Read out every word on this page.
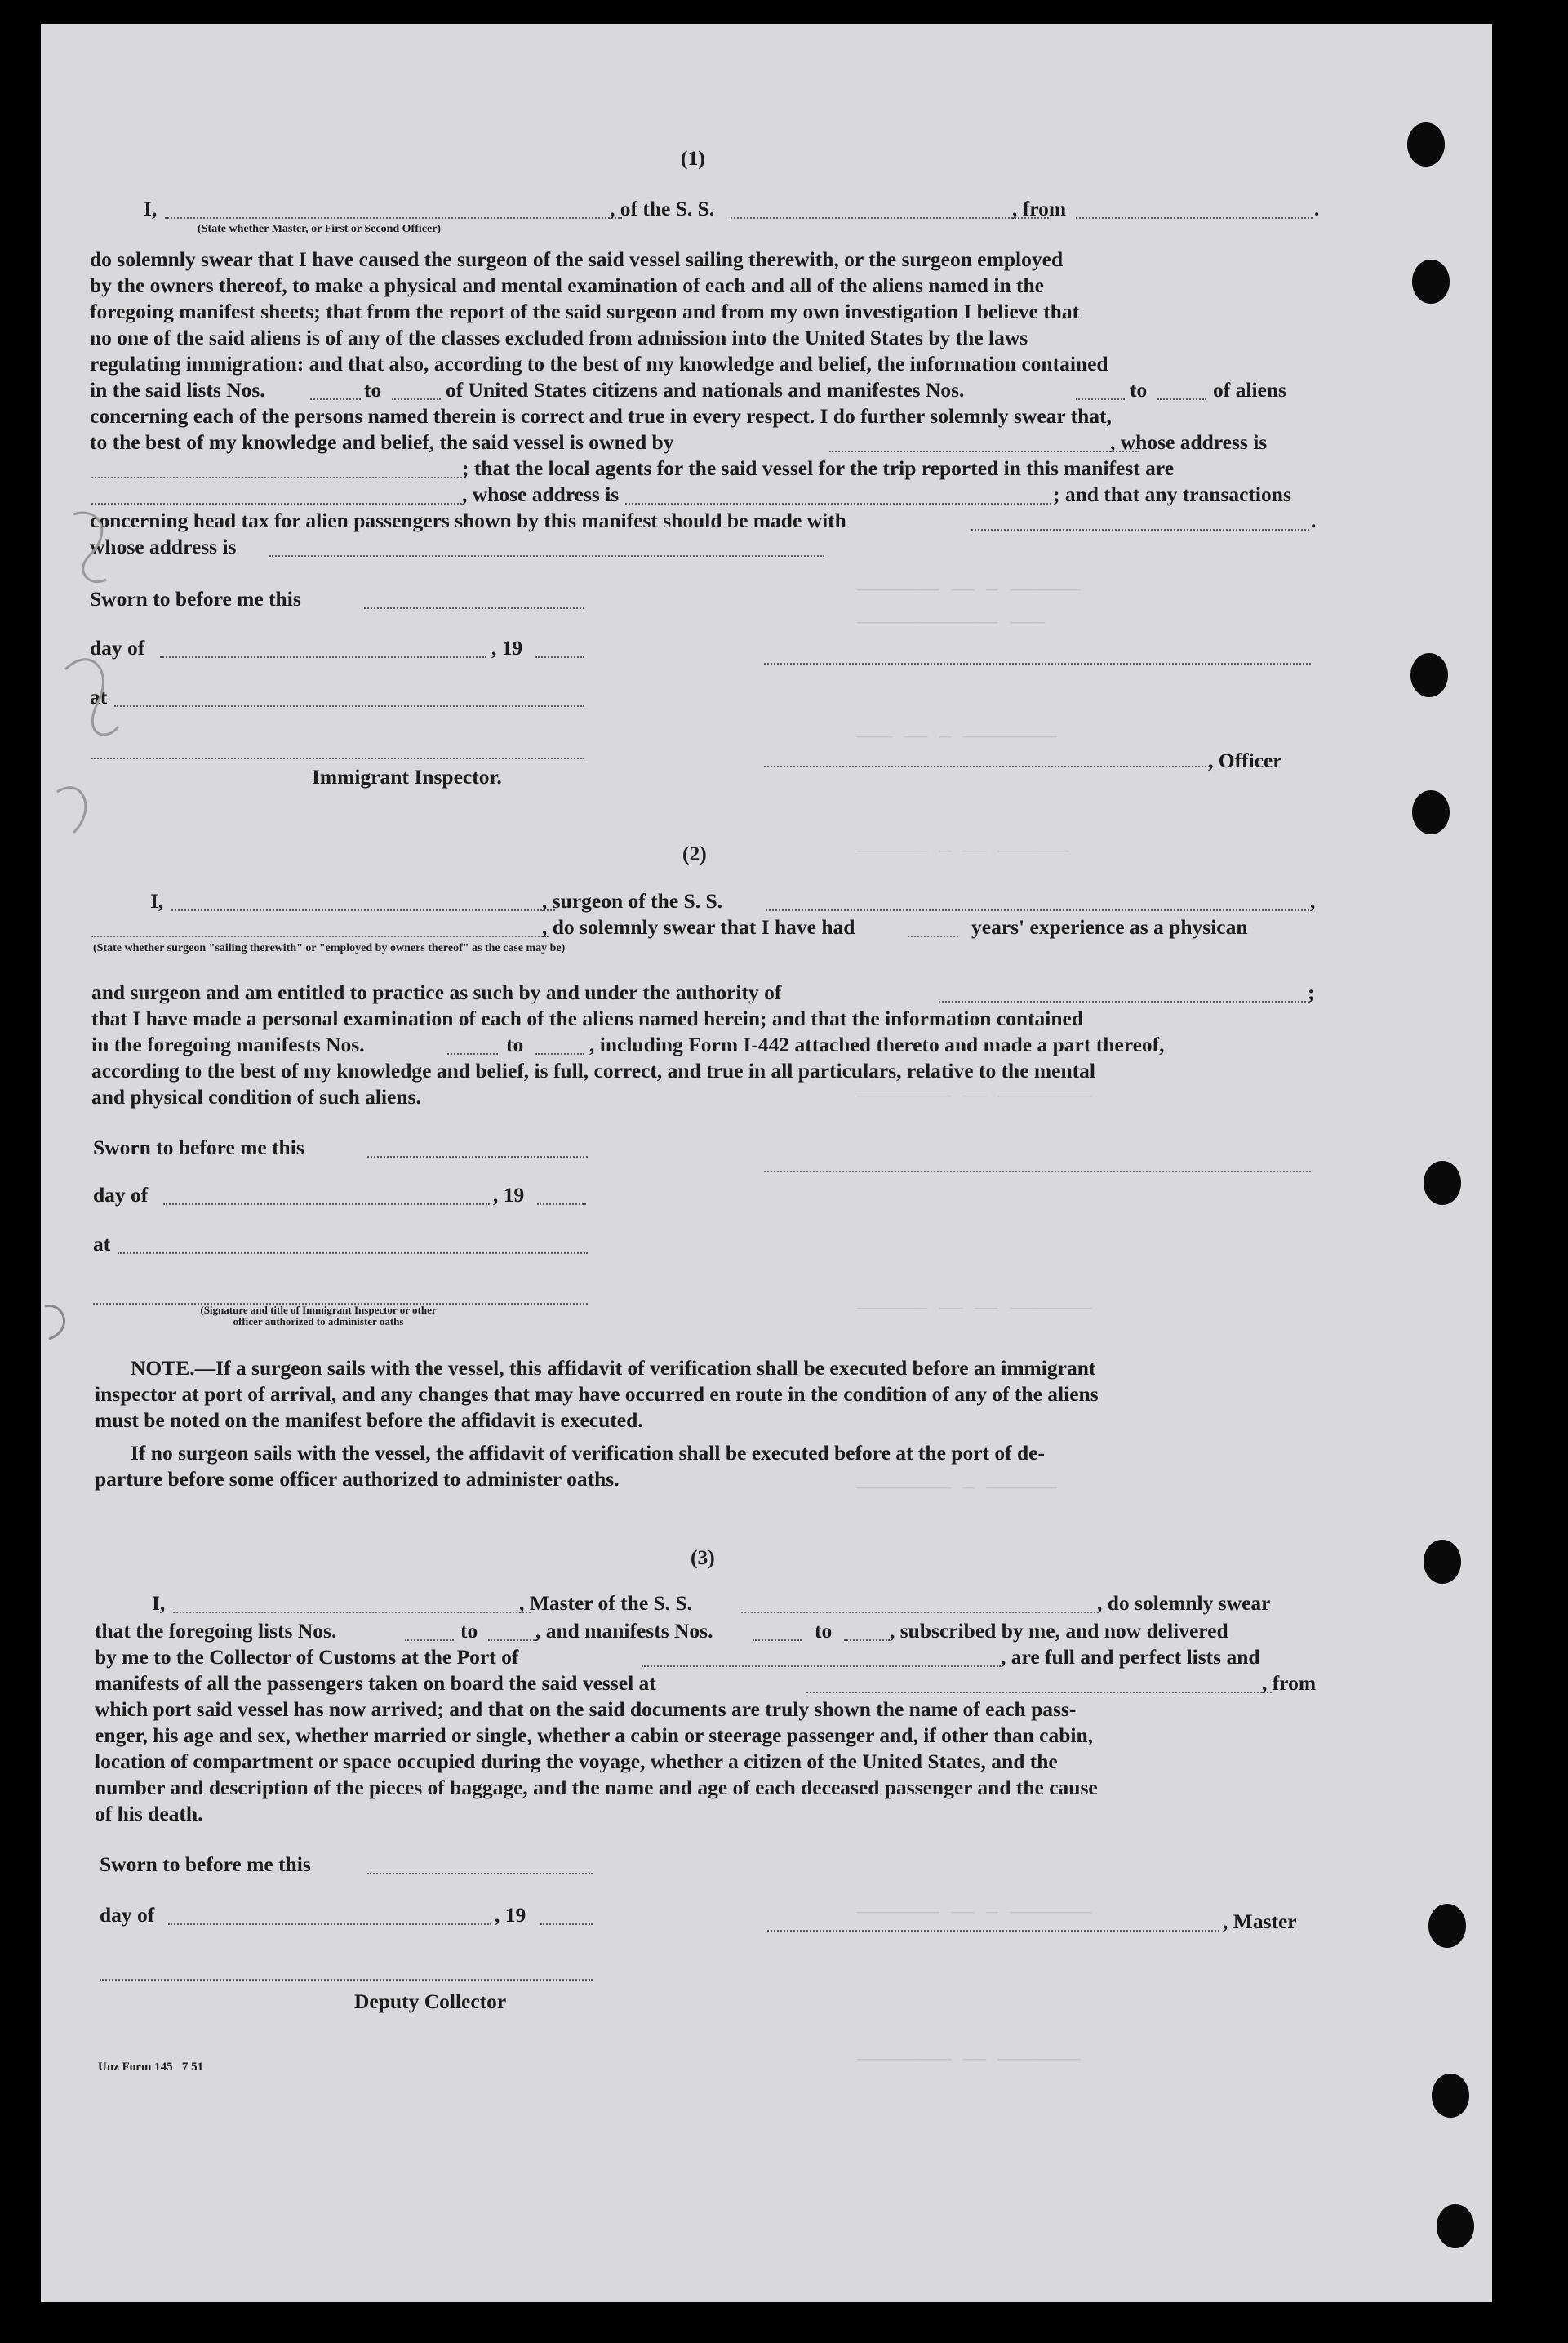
——————— —— — ——————
———————————— ———
——— —— — ————————
—————— — —— ——————
———————— —— ————————
—————— —— —— ———————
———————— — ——————
——————— —— — ———————
———————— —— ———————
(1)
I,	, of the S. S.	, from	.
(State whether Master, or First or Second Officer)
do solemnly swear that I have caused the surgeon of the said vessel sailing therewith, or the surgeon employed
by the owners thereof, to make a physical and mental examination of each and all of the aliens named in the
foregoing manifest sheets; that from the report of the said surgeon and from my own investigation I believe that
no one of the said aliens is of any of the classes excluded from admission into the United States by the laws
regulating immigration: and that also, according to the best of my knowledge and belief, the information contained
in the said lists Nos.	to	of United States citizens and nationals and manifestes Nos.	to	of aliens
concerning each of the persons named therein is correct and true in every respect. I do further solemnly swear that,
to the best of my knowledge and belief, the said vessel is owned by	, whose address is
; that the local agents for the said vessel for the trip reported in this manifest are
, whose address is	; and that any transactions
concerning head tax for alien passengers shown by this manifest should be made with	.
whose address is
Sworn to before me this
day of	, 19
at
, Officer
Immigrant Inspector.
(2)
I,	, surgeon of the S. S.	,
, do solemnly swear that I have had	years' experience as a physican
(State whether surgeon "sailing therewith" or "employed by owners thereof" as the case may be)
and surgeon and am entitled to practice as such by and under the authority of	;
that I have made a personal examination of each of the aliens named herein; and that the information contained
in the foregoing manifests Nos.	to	, including Form I-442 attached thereto and made a part thereof,
according to the best of my knowledge and belief, is full, correct, and true in all particulars, relative to the mental
and physical condition of such aliens.
Sworn to before me this
day of	, 19
at
(Signature and title of Immigrant Inspector or other
officer authorized to administer oaths
NOTE.—If a surgeon sails with the vessel, this affidavit of verification shall be executed before an immigrant
inspector at port of arrival, and any changes that may have occurred en route in the condition of any of the aliens
must be noted on the manifest before the affidavit is executed.
If no surgeon sails with the vessel, the affidavit of verification shall be executed before at the port of de-
parture before some officer authorized to administer oaths.
(3)
I,	, Master of the S. S.	, do solemnly swear
that the foregoing lists Nos.	to	, and manifests Nos.	to	, subscribed by me, and now delivered
by me to the Collector of Customs at the Port of	, are full and perfect lists and
manifests of all the passengers taken on board the said vessel at	, from
which port said vessel has now arrived; and that on the said documents are truly shown the name of each pass-
enger, his age and sex, whether married or single, whether a cabin or steerage passenger and, if other than cabin,
location of compartment or space occupied during the voyage, whether a citizen of the United States, and the
number and description of the pieces of baggage, and the name and age of each deceased passenger and the cause
of his death.
Sworn to before me this
day of	, 19	, Master
Deputy Collector
Unz Form 145   7 51
